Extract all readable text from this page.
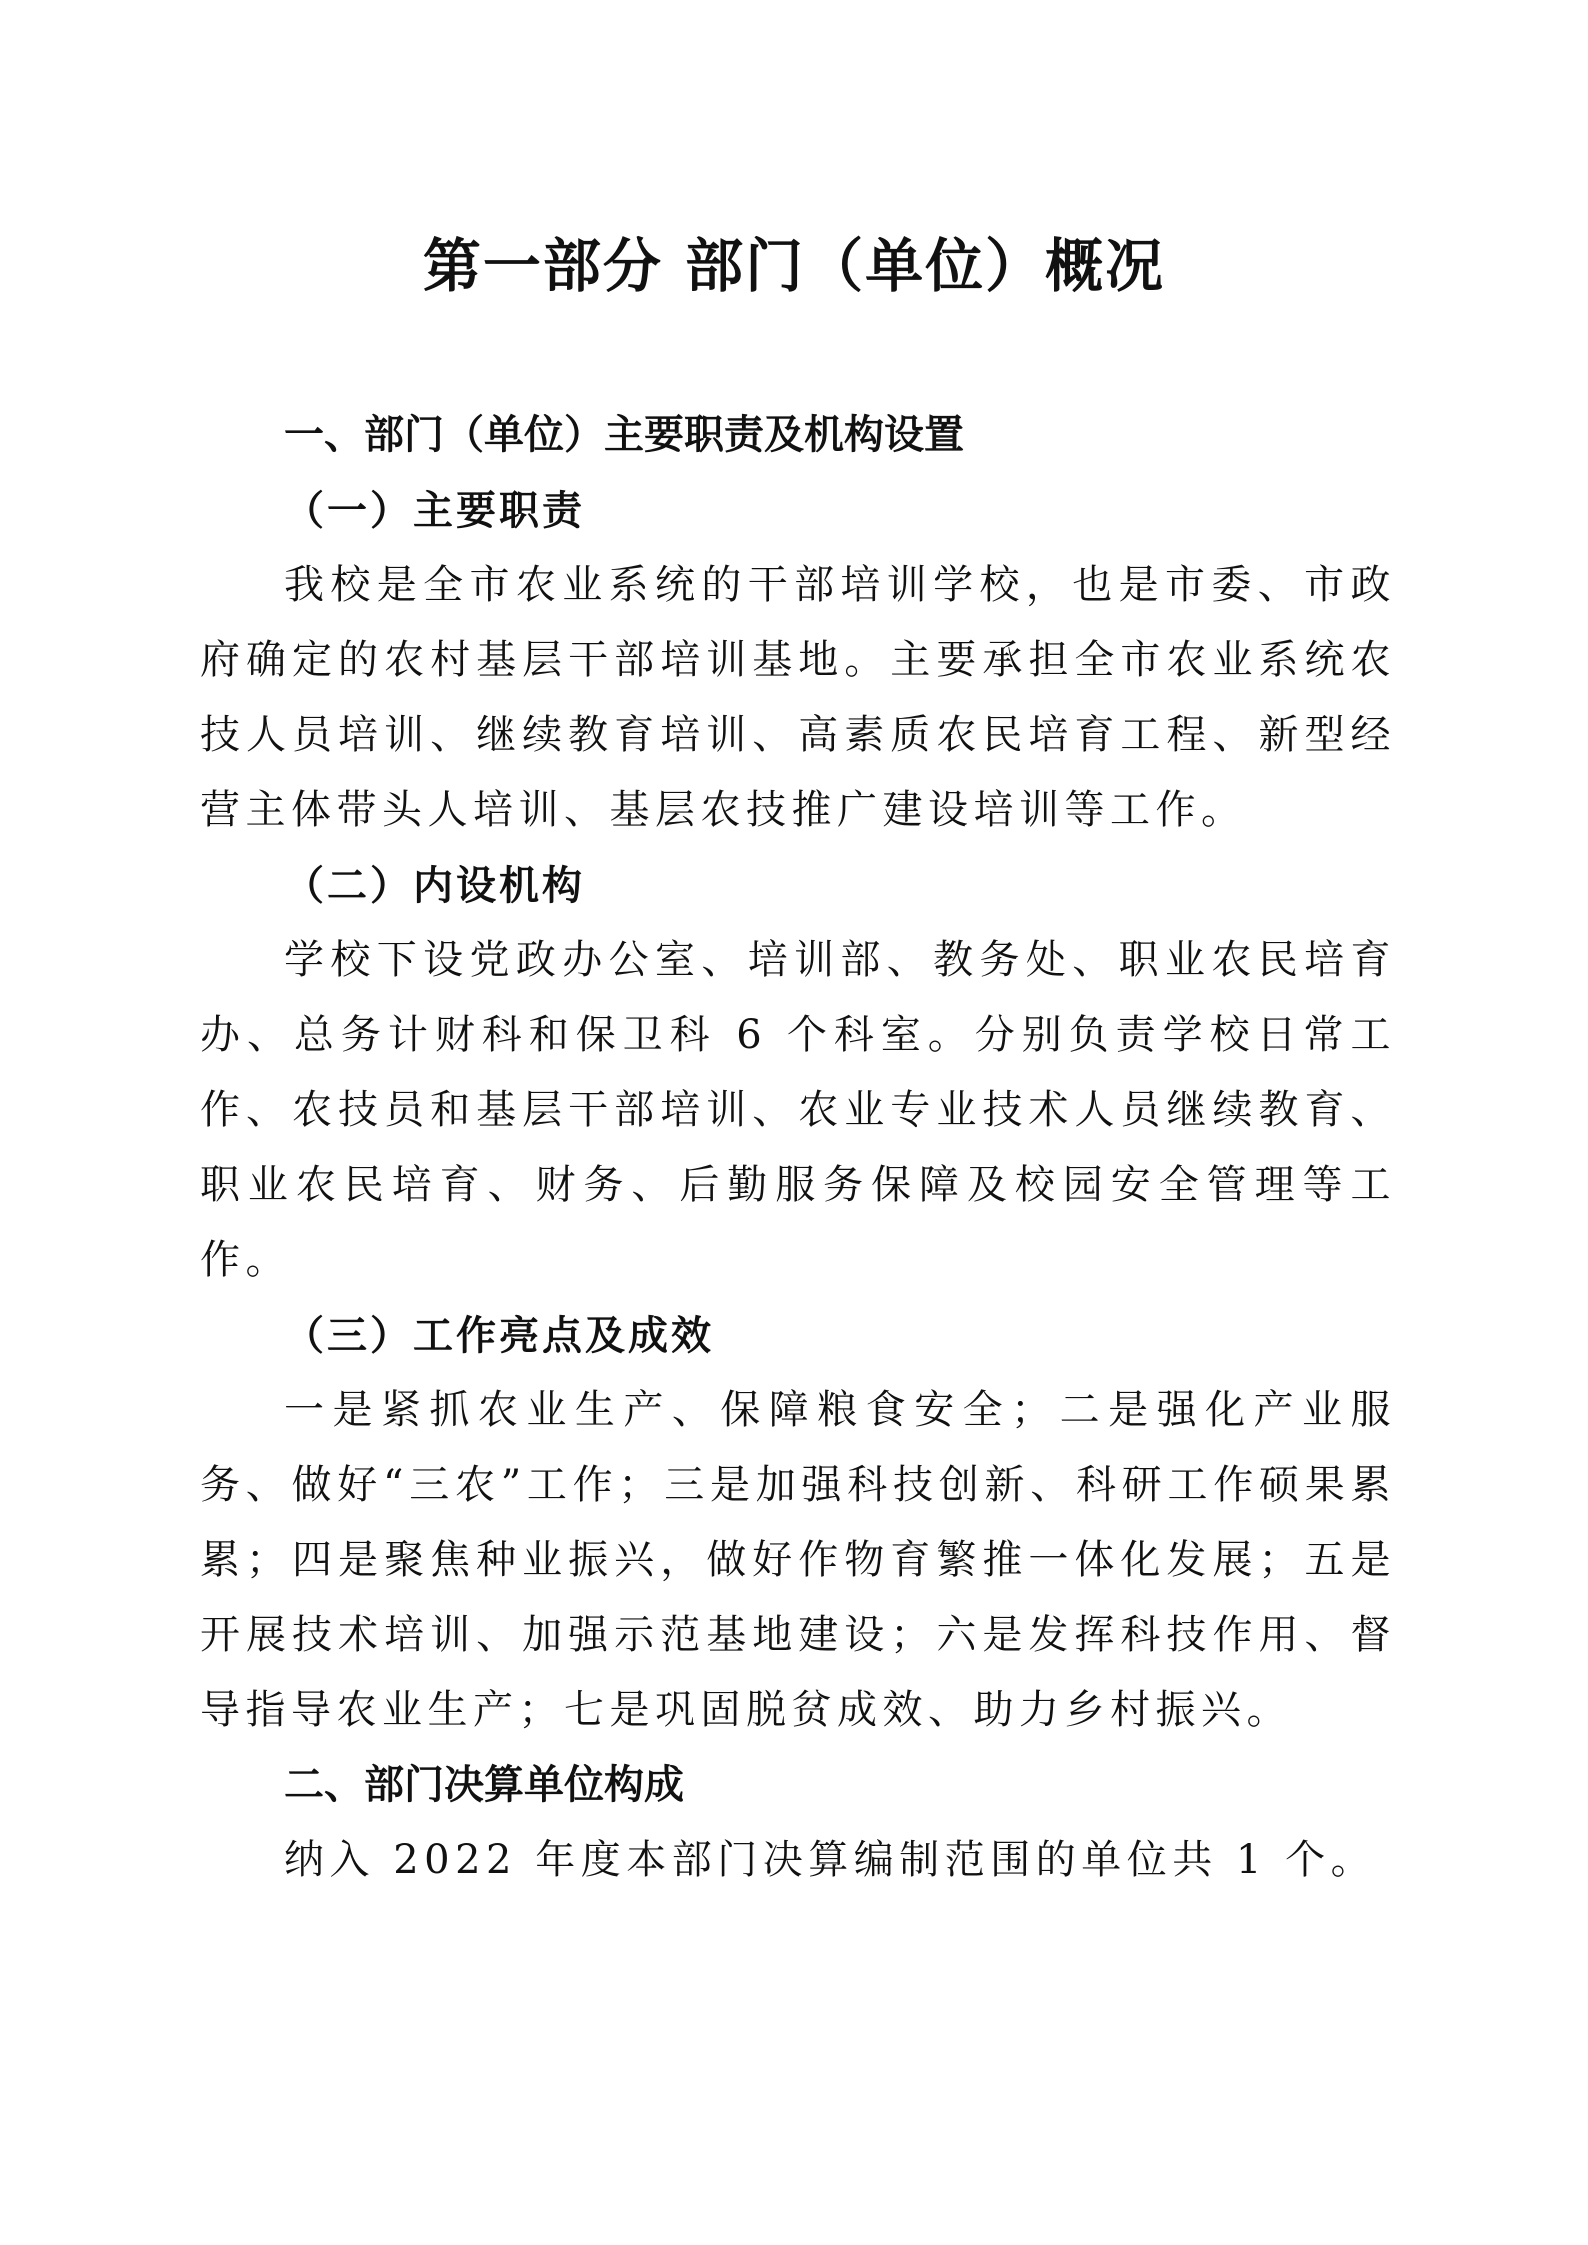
第一部分 部门（单位）概况
一、部门（单位）主要职责及机构设置
（一）主要职责

我校是全市农业系统的干部培训学校，也是市委、市政府确定的农村基层干部培训基地。主要承担全市农业系统农技人员培训、继续教育培训、高素质农民培育工程、新型经营主体带头人培训、基层农技推广建设培训等工作。

（二）内设机构

学校下设党政办公室、培训部、教务处、职业农民培育办、总务计财科和保卫科 6 个科室。分别负责学校日常工作、农技员和基层干部培训、农业专业技术人员继续教育、职业农民培育、财务、后勤服务保障及校园安全管理等工作。

（三）工作亮点及成效

一是紧抓农业生产、保障粮食安全；二是强化产业服务、做好“三农”工作；三是加强科技创新、科研工作硕果累累；四是聚焦种业振兴，做好作物育繁推一体化发展；五是开展技术培训、加强示范基地建设；六是发挥科技作用、督导指导农业生产；七是巩固脱贫成效、助力乡村振兴。

二、部门决算单位构成

纳入 2022 年度本部门决算编制范围的单位共 1 个。
